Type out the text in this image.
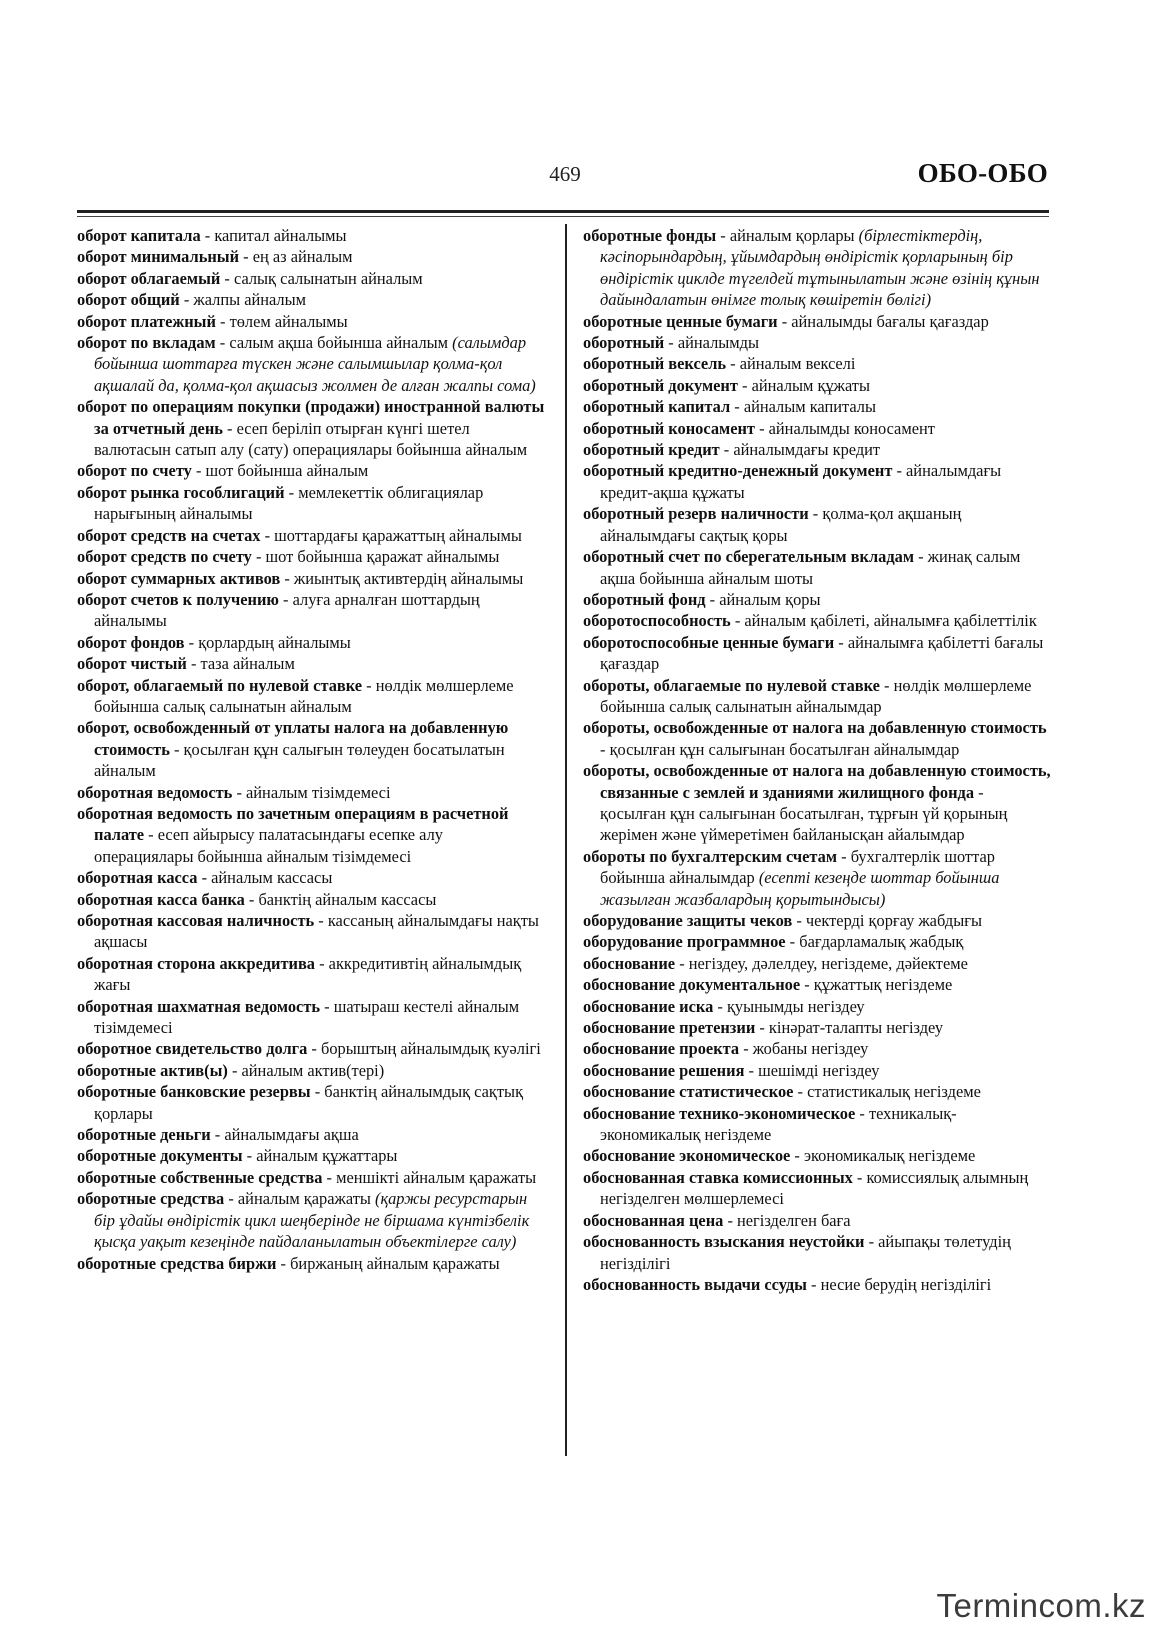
469	ОБО-ОБО
оборот капитала - капитал айналымы
оборот минимальный - ең аз айналым
оборот облагаемый - салық салынатын айналым
оборот общий - жалпы айналым
оборот платежный - төлем айналымы
оборот по вкладам - салым ақша бойынша айналым (салымдар бойынша шоттарға түскен және салымшылар қолма-қол ақшалай да, қолма-қол ақшасыз жолмен де алған жалпы сома)
оборот по операциям покупки (продажи) иностранной валюты за отчетный день - есеп беріліп отырған күнгі шетел валютасын сатып алу (сату) операциялары бойынша айналым
оборот по счету - шот бойынша айналым
оборот рынка гособлигаций - мемлекеттік облигациялар нарығының айналымы
оборот средств на счетах - шоттардағы қаражаттың айналымы
оборот средств по счету - шот бойынша қаражат айналымы
оборот суммарных активов - жиынтық активтердің айналымы
оборот счетов к получению - алуға арналған шоттардың айналымы
оборот фондов - қорлардың айналымы
оборот чистый - таза айналым
оборот, облагаемый по нулевой ставке - нөлдік мөлшерлеме бойынша салық салынатын айналым
оборот, освобожденный от уплаты налога на добавленную стоимость - қосылған құн салығын төлеуден босатылатын айналым
оборотная ведомость - айналым тізімдемесі
оборотная ведомость по зачетным операциям в расчетной палате - есеп айырысу палатасындағы есепке алу операциялары бойынша айналым тізімдемесі
оборотная касса - айналым кассасы
оборотная касса банка - банктің айналым кассасы
оборотная кассовая наличность - кассаның айналымдағы нақты ақшасы
оборотная сторона аккредитива - аккредитивтің айналымдық жағы
оборотная шахматная ведомость - шатыраш кестелі айналым тізімдемесі
оборотное свидетельство долга - борыштың айналымдық куәлігі
оборотные актив(ы) - айналым актив(тері)
оборотные банковские резервы - банктің айналымдық сақтық қорлары
оборотные деньги - айналымдағы ақша
оборотные документы - айналым құжаттары
оборотные собственные средства - меншікті айналым қаражаты
оборотные средства - айналым қаражаты (қаржы ресурстарын бір ұдайы өндірістік цикл шеңберінде не біршама күнтізбелік қысқа уақыт кезеңінде пайдаланылатын объектілерге салу)
оборотные средства биржи - биржаның айналым қаражаты
оборотные фонды - айналым қорлары (бірлестіктердің, кәсіпорындардың, ұйымдардың өндірістік қорларының бір өндірістік циклде түгелдей тұтынылатын және өзінің құнын дайындалатын өнімге толық көшіретін бөлігі)
оборотные ценные бумаги - айналымды бағалы қағаздар
оборотный - айналымды
оборотный вексель - айналым вексeлі
оборотный документ - айналым құжаты
оборотный капитал - айналым капиталы
оборотный коносамент - айналымды коносамент
оборотный кредит - айналымдағы кредит
оборотный кредитно-денежный документ - айналымдағы кредит-ақша құжаты
оборотный резерв наличности - қолма-қол ақшаның айналымдағы сақтық қоры
оборотный счет по сберегательным вкладам - жинақ салым ақша бойынша айналым шоты
оборотный фонд - айналым қоры
оборотоспособность - айналым қабілеті, айналымға қабілеттілік
оборотоспособные ценные бумаги - айналымға қабілетті бағалы қағаздар
обороты, облагаемые по нулевой ставке - нөлдік мөлшерлеме бойынша салық салынатын айналымдар
обороты, освобожденные от налога на добавленную стоимость - қосылған құн салығынан босатылған айналымдар
обороты, освобожденные от налога на добавленную стоимость, связанные с землей и зданиями жилищного фонда - қосылған құн салығынан босатылған, тұрғын үй қорының жерімен және үймеретімен байланысқан айалымдар
обороты по бухгалтерским счетам - бухгалтерлік шоттар бойынша айналымдар (есепті кезеңде шоттар бойынша жазылған жазбалардың қорытындысы)
оборудование защиты чеков - чектерді қорғау жабдығы
оборудование программное - бағдарламалық жабдық
обоснование - негіздеу, дәлелдеу, негіздеме, дәйектеме
обоснование документальное - құжаттық негіздеме
обоснование иска - қуынымды негіздеу
обоснование претензии - кінәрат-талапты негіздеу
обоснование проекта - жобаны негіздеу
обоснование решения - шешімді негіздеу
обоснование статистическое - статистикалық негіздеме
обоснование технико-экономическое - техникалық-экономикалық негіздеме
обоснование экономическое - экономикалық негіздеме
обоснованная ставка комиссионных - комиссиялық алымның негізделген мөлшерлемесі
обоснованная цена - негізделген баға
обоснованность взыскания неустойки - айыпақы төлетудің негізділігі
обоснованность выдачи ссуды - несие берудің негізділігі
Termincom.kz
